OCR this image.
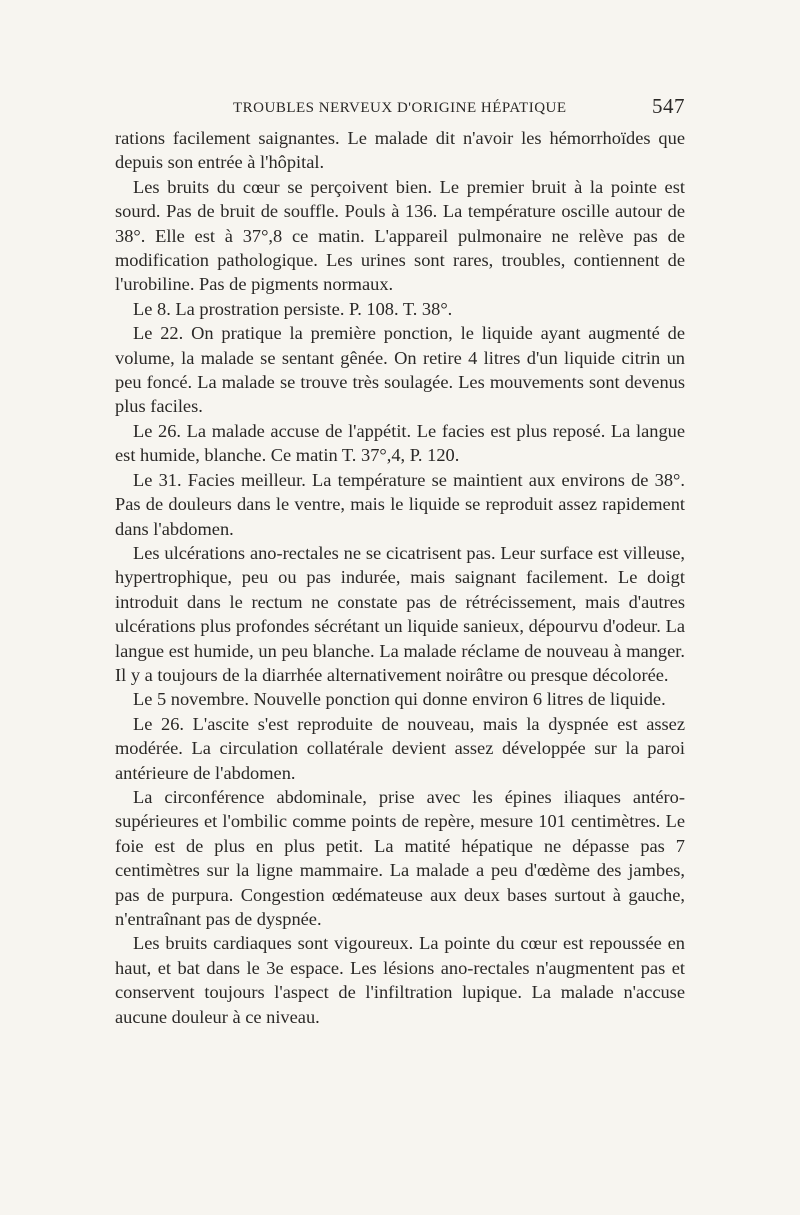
TROUBLES NERVEUX D'ORIGINE HÉPATIQUE	547

rations facilement saignantes. Le malade dit n'avoir les hémorrhoïdes que depuis son entrée à l'hôpital.

Les bruits du cœur se perçoivent bien. Le premier bruit à la pointe est sourd. Pas de bruit de souffle. Pouls à 136. La température oscille autour de 38°. Elle est à 37°,8 ce matin. L'appareil pulmonaire ne relève pas de modification pathologique. Les urines sont rares, troubles, contiennent de l'urobiline. Pas de pigments normaux.

Le 8. La prostration persiste. P. 108. T. 38°.

Le 22. On pratique la première ponction, le liquide ayant augmenté de volume, la malade se sentant gênée. On retire 4 litres d'un liquide citrin un peu foncé. La malade se trouve très soulagée. Les mouvements sont devenus plus faciles.

Le 26. La malade accuse de l'appétit. Le facies est plus reposé. La langue est humide, blanche. Ce matin T. 37°,4, P. 120.

Le 31. Facies meilleur. La température se maintient aux environs de 38°. Pas de douleurs dans le ventre, mais le liquide se reproduit assez rapidement dans l'abdomen.

Les ulcérations ano-rectales ne se cicatrisent pas. Leur surface est villeuse, hypertrophique, peu ou pas indurée, mais saignant facilement. Le doigt introduit dans le rectum ne constate pas de rétrécissement, mais d'autres ulcérations plus profondes sécrétant un liquide sanieux, dépourvu d'odeur. La langue est humide, un peu blanche. La malade réclame de nouveau à manger. Il y a toujours de la diarrhée alternativement noirâtre ou presque décolorée.

Le 5 novembre. Nouvelle ponction qui donne environ 6 litres de liquide.

Le 26. L'ascite s'est reproduite de nouveau, mais la dyspnée est assez modérée. La circulation collatérale devient assez développée sur la paroi antérieure de l'abdomen.

La circonférence abdominale, prise avec les épines iliaques antéro-supérieures et l'ombilic comme points de repère, mesure 101 centimètres. Le foie est de plus en plus petit. La matité hépatique ne dépasse pas 7 centimètres sur la ligne mammaire. La malade a peu d'œdème des jambes, pas de purpura. Congestion œdémateuse aux deux bases surtout à gauche, n'entraînant pas de dyspnée.

Les bruits cardiaques sont vigoureux. La pointe du cœur est repoussée en haut, et bat dans le 3e espace. Les lésions ano-rectales n'augmentent pas et conservent toujours l'aspect de l'infiltration lupique. La malade n'accuse aucune douleur à ce niveau.
